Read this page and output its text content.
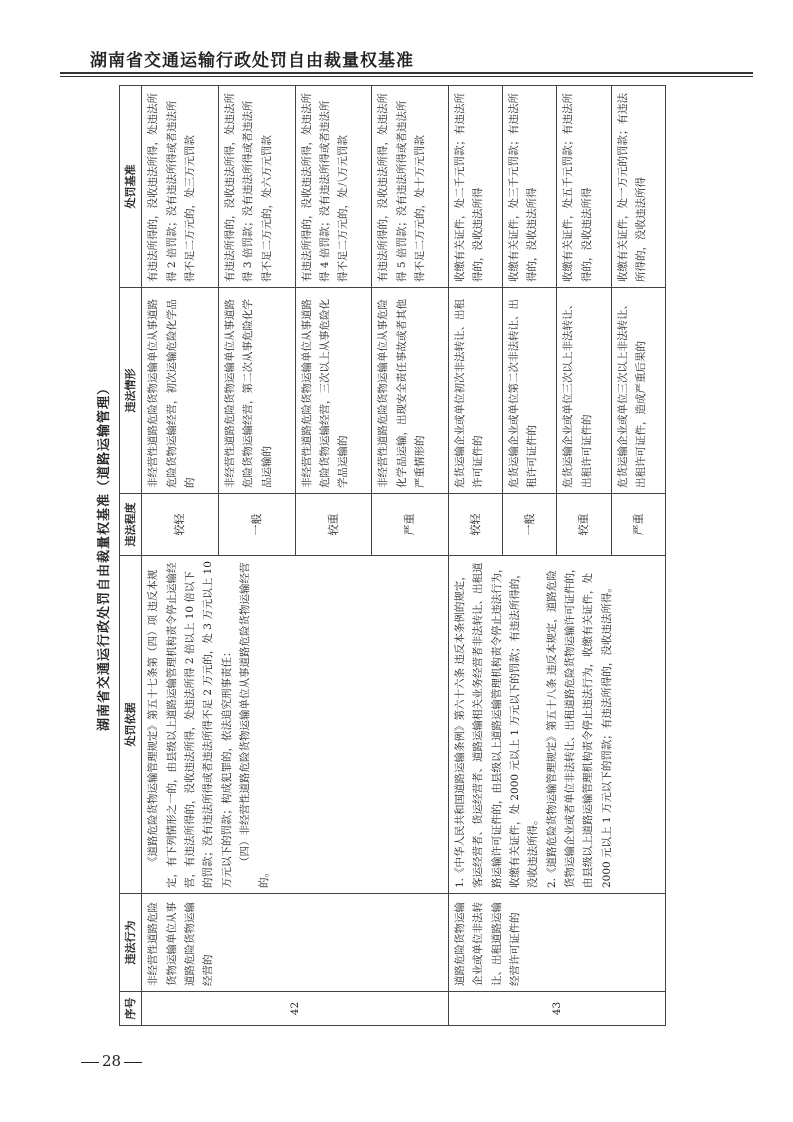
湖南省交通运输行政处罚自由裁量权基准
湖南省交通运行政处罚自由裁量权基准（道路运输管理）
序号	违法行为	处罚依据	违法程度	违法情形	处罚基准
42	非经营性道路危险货物运输单位从事道路危险货物运输经营的	《道路危险货物运输管理规定》第五十七条第（四）项 违反本规定，有下列情形之一的，由县级以上道路运输管理机构责令停止运输经营，有违法所得的，没收违法所得，处违法所得 2 倍以上 10 倍以下的罚款；没有违法所得或者违法所得不足 2 万元的，处 3 万元以上 10 万元以下的罚款；构成犯罪的，依法追究刑事责任： （四）非经营性道路危险货物运输单位从事道路危险货物运输经营的。	较轻	非经营性道路危险货物运输单位从事道路危险货物运输经营，初次运输危险化学品的	有违法所得的，没收违法所得，处违法所得 2 倍罚款；没有违法所得或者违法所得不足二万元的，处三万元罚款
			一般	非经营性道路危险货物运输单位从事道路危险货物运输经营，第二次从事危险化学品运输的	有违法所得的，没收违法所得，处违法所得 3 倍罚款；没有违法所得或者违法所得不足二万元的，处六万元罚款
			较重	非经营性道路危险货物运输单位从事道路危险货物运输经营，三次以上从事危险化学品运输的	有违法所得的，没收违法所得，处违法所得 4 倍罚款；没有违法所得或者违法所得不足二万元的，处八万元罚款
			严重	非经营性道路危险货物运输单位从事危险化学品运输，出现安全责任事故或者其他严重情形的	有违法所得的，没收违法所得，处违法所得 5 倍罚款；没有违法所得或者违法所得不足二万元的，处十万元罚款
43	道路危险货物运输企业或单位非法转让、出租道路运输经营许可证件的	1.《中华人民共和国道路运输条例》第六十六条 违反本条例的规定，客运经营者、货运经营者、道路运输相关业务经营者非法转让、出租道路运输许可证件的，由县级以上道路运输管理机构责令停止违法行为，收缴有关证件，处 2000 元以上 1 万元以下的罚款；有违法所得的，没收违法所得。 2.《道路危险货物运输管理规定》第五十八条 违反本规定，道路危险货物运输企业或者单位非法转让、出租道路危险货物运输许可证件的，由县级以上道路运输管理机构责令停止违法行为，收缴有关证件，处 2000 元以上 1 万元以下的罚款；有违法所得的，没收违法所得。	较轻	危货运输企业或单位初次非法转让、出租许可证件的	收缴有关证件，处二千元罚款；有违法所得的，没收违法所得
			一般	危货运输企业或单位第二次非法转让、出租许可证件的	收缴有关证件，处三千元罚款；有违法所得的，没收违法所得
			较重	危货运输企业或单位三次以上非法转让、出租许可证件的	收缴有关证件，处五千元罚款；有违法所得的，没收违法所得
			严重	危货运输企业或单位三次以上非法转让、出租许可证件，造成严重后果的	收缴有关证件，处一万元的罚款；有违法所得的，没收违法所得
28
